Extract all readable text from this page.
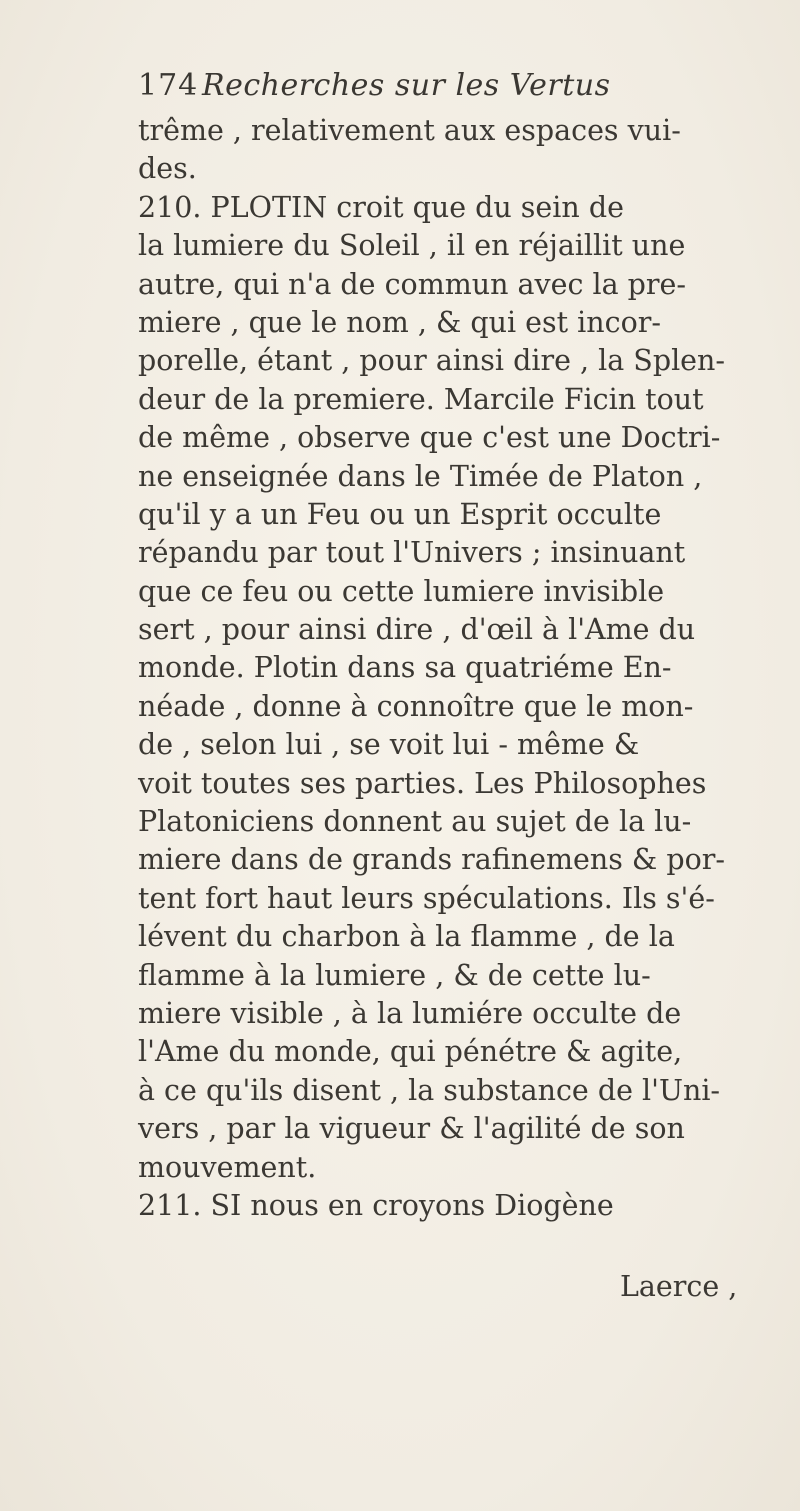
174 Recherches sur les Vertus
trême , relativement aux espaces vui-
des.
210. PLOTIN croit que du sein de
la lumiere du Soleil , il en réjaillit une
autre, qui n'a de commun avec la pre-
miere , que le nom , & qui est incor-
porelle, étant , pour ainsi dire , la Splen-
deur de la premiere. Marcile Ficin tout
de même , observe que c'est une Doctri-
ne enseignée dans le Timée de Platon ,
qu'il y a un Feu ou un Esprit occulte
répandu par tout l'Univers ; insinuant
que ce feu ou cette lumiere invisible
sert , pour ainsi dire , d'œil à l'Ame du
monde. Plotin dans sa quatriéme En-
néade , donne à connoître que le mon-
de , selon lui , se voit lui - même &
voit toutes ses parties. Les Philosophes
Platoniciens donnent au sujet de la lu-
miere dans de grands rafinemens & por-
tent fort haut leurs spéculations. Ils s'é-
lévent du charbon à la flamme , de la
flamme à la lumiere , & de cette lu-
miere visible , à la lumiére occulte de
l'Ame du monde, qui pénétre & agite,
à ce qu'ils disent , la substance de l'Uni-
vers , par la vigueur & l'agilité de son
mouvement.
211. SI nous en croyons Diogène
Laerce ,
